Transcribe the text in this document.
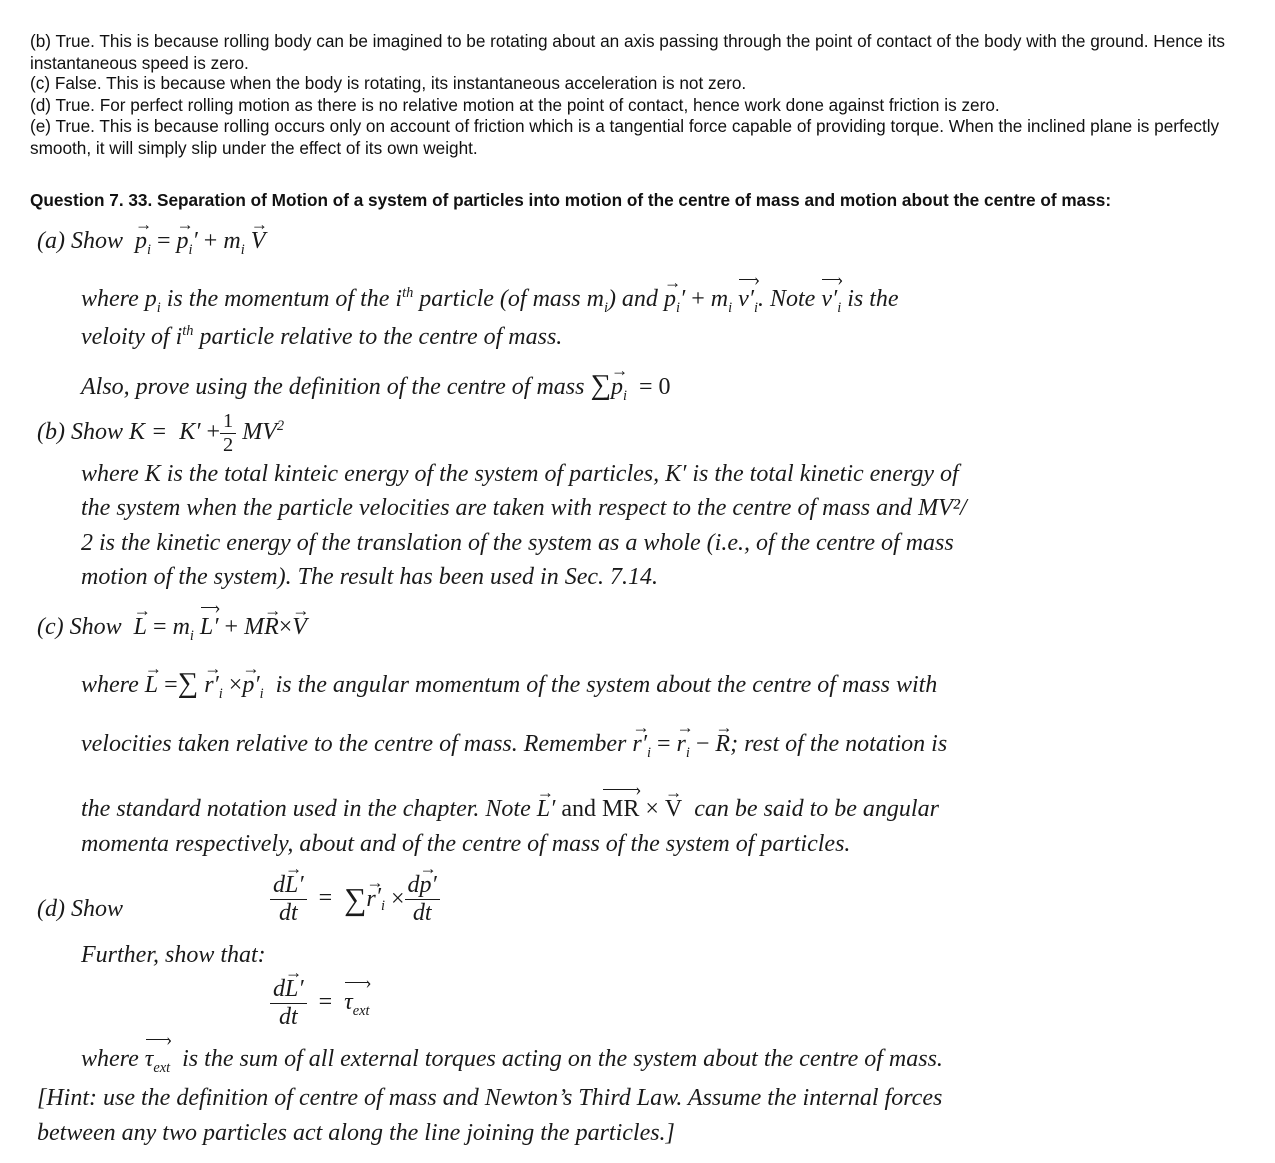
(b) True. This is because rolling body can be imagined to be rotating about an axis passing through the point of contact of the body with the ground. Hence its instantaneous speed is zero.
(c) False. This is because when the body is rotating, its instantaneous acceleration is not zero.
(d) True. For perfect rolling motion as there is no relative motion at the point of contact, hence work done against friction is zero.
(e) True. This is because rolling occurs only on account of friction which is a tangential force capable of providing torque. When the inclined plane is perfectly smooth, it will simply slip under the effect of its own weight.
Question 7. 33. Separation of Motion of a system of particles into motion of the centre of mass and motion about the centre of mass:
(a) Show → $p_i$ = → $p_i' + m_i \to V$
where $p_i$ is the momentum of the $i^{th}$ particle (of mass $m_i$) and → $p_i' + m_i$ $v'_i$ ›. Note $v'_i$ › is the
veloity of $i^{th}$ particle relative to the centre of mass.
Also, prove using the definition of the centre of mass ∑→ $p_i = 0$
(b) Show $K = K' + \frac{1}{2} MV^2$
where K is the total kinteic energy of the system of particles, K′ is the total kinetic energy of
the system when the particle velocities are taken with respect to the centre of mass and MV²/
2 is the kinetic energy of the translation of the system as a whole (i.e., of the centre of mass
motion of the system). The result has been used in Sec. 7.14.
(c) Show → $L = m_i$ L′ › + M→ R×→ V
where → L =∑ → $r'_i \times\to p'_i$ is the angular momentum of the system about the centre of mass with
velocities taken relative to the centre of mass. Remember → $r'_i$ = → $r_i$ − → R; rest of the notation is
the standard notation used in the chapter. Note → L′ and MR › × → V can be said to be angular
momenta respectively, about and of the centre of mass of the system of particles.
(d) Show	$\frac{d\to L'}{dt}$ = ∑→ $r'_i \times \frac{d\to p'}{dt}$
Further, show that:
$\frac{d\to L'}{dt} = \tau_{ext}$ ›
where $\tau_{ext}$ › is the sum of all external torques acting on the system about the centre of mass.
[Hint: use the definition of centre of mass and Newton’s Third Law. Assume the internal forces
between any two particles act along the line joining the particles.]
